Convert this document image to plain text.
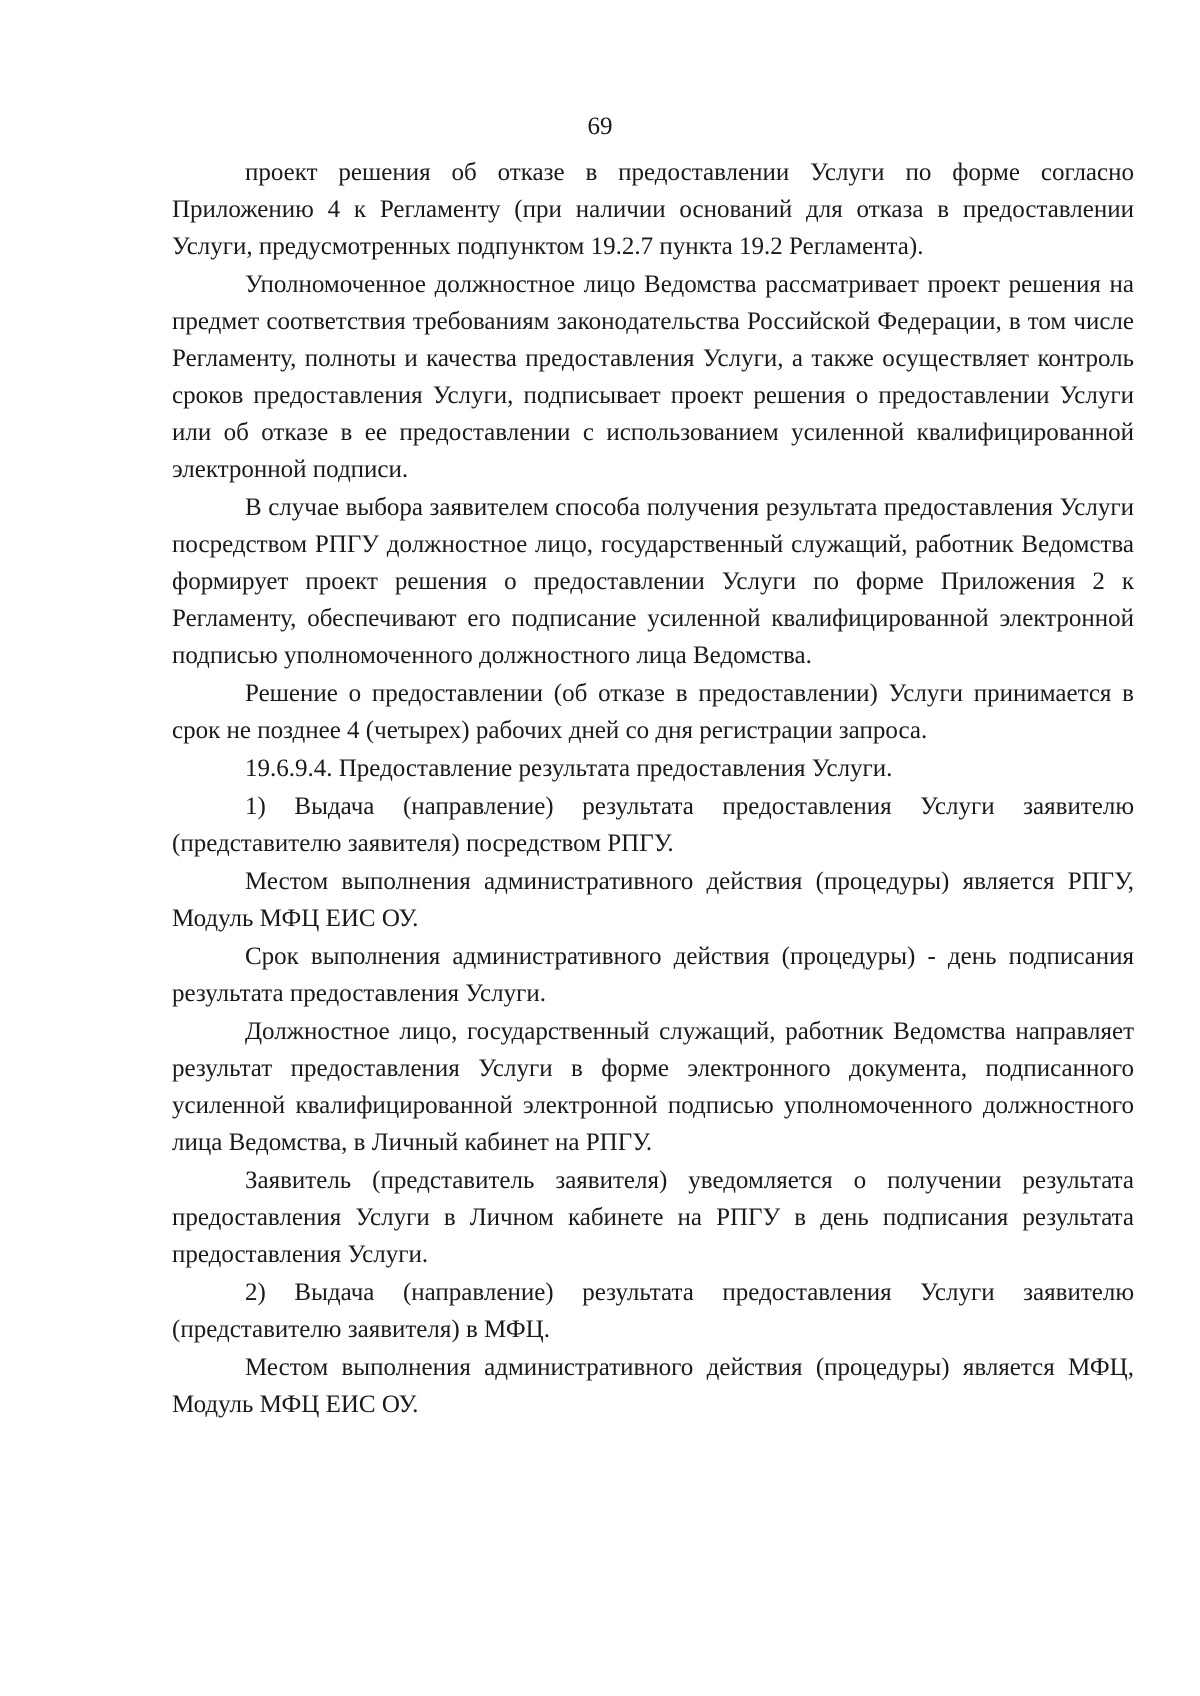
69

проект решения об отказе в предоставлении Услуги по форме согласно Приложению 4 к Регламенту (при наличии оснований для отказа в предоставлении Услуги, предусмотренных подпунктом 19.2.7 пункта 19.2 Регламента).

Уполномоченное должностное лицо Ведомства рассматривает проект решения на предмет соответствия требованиям законодательства Российской Федерации, в том числе Регламенту, полноты и качества предоставления Услуги, а также осуществляет контроль сроков предоставления Услуги, подписывает проект решения о предоставлении Услуги или об отказе в ее предоставлении с использованием усиленной квалифицированной электронной подписи.

В случае выбора заявителем способа получения результата предоставления Услуги посредством РПГУ должностное лицо, государственный служащий, работник Ведомства формирует проект решения о предоставлении Услуги по форме Приложения 2 к Регламенту, обеспечивают его подписание усиленной квалифицированной электронной подписью уполномоченного должностного лица Ведомства.

Решение о предоставлении (об отказе в предоставлении) Услуги принимается в срок не позднее 4 (четырех) рабочих дней со дня регистрации запроса.

19.6.9.4. Предоставление результата предоставления Услуги.

1) Выдача (направление) результата предоставления Услуги заявителю (представителю заявителя) посредством РПГУ.

Местом выполнения административного действия (процедуры) является РПГУ, Модуль МФЦ ЕИС ОУ.

Срок выполнения административного действия (процедуры) - день подписания результата предоставления Услуги.

Должностное лицо, государственный служащий, работник Ведомства направляет результат предоставления Услуги в форме электронного документа, подписанного усиленной квалифицированной электронной подписью уполномоченного должностного лица Ведомства, в Личный кабинет на РПГУ.

Заявитель (представитель заявителя) уведомляется о получении результата предоставления Услуги в Личном кабинете на РПГУ в день подписания результата предоставления Услуги.

2) Выдача (направление) результата предоставления Услуги заявителю (представителю заявителя) в МФЦ.

Местом выполнения административного действия (процедуры) является МФЦ, Модуль МФЦ ЕИС ОУ.
